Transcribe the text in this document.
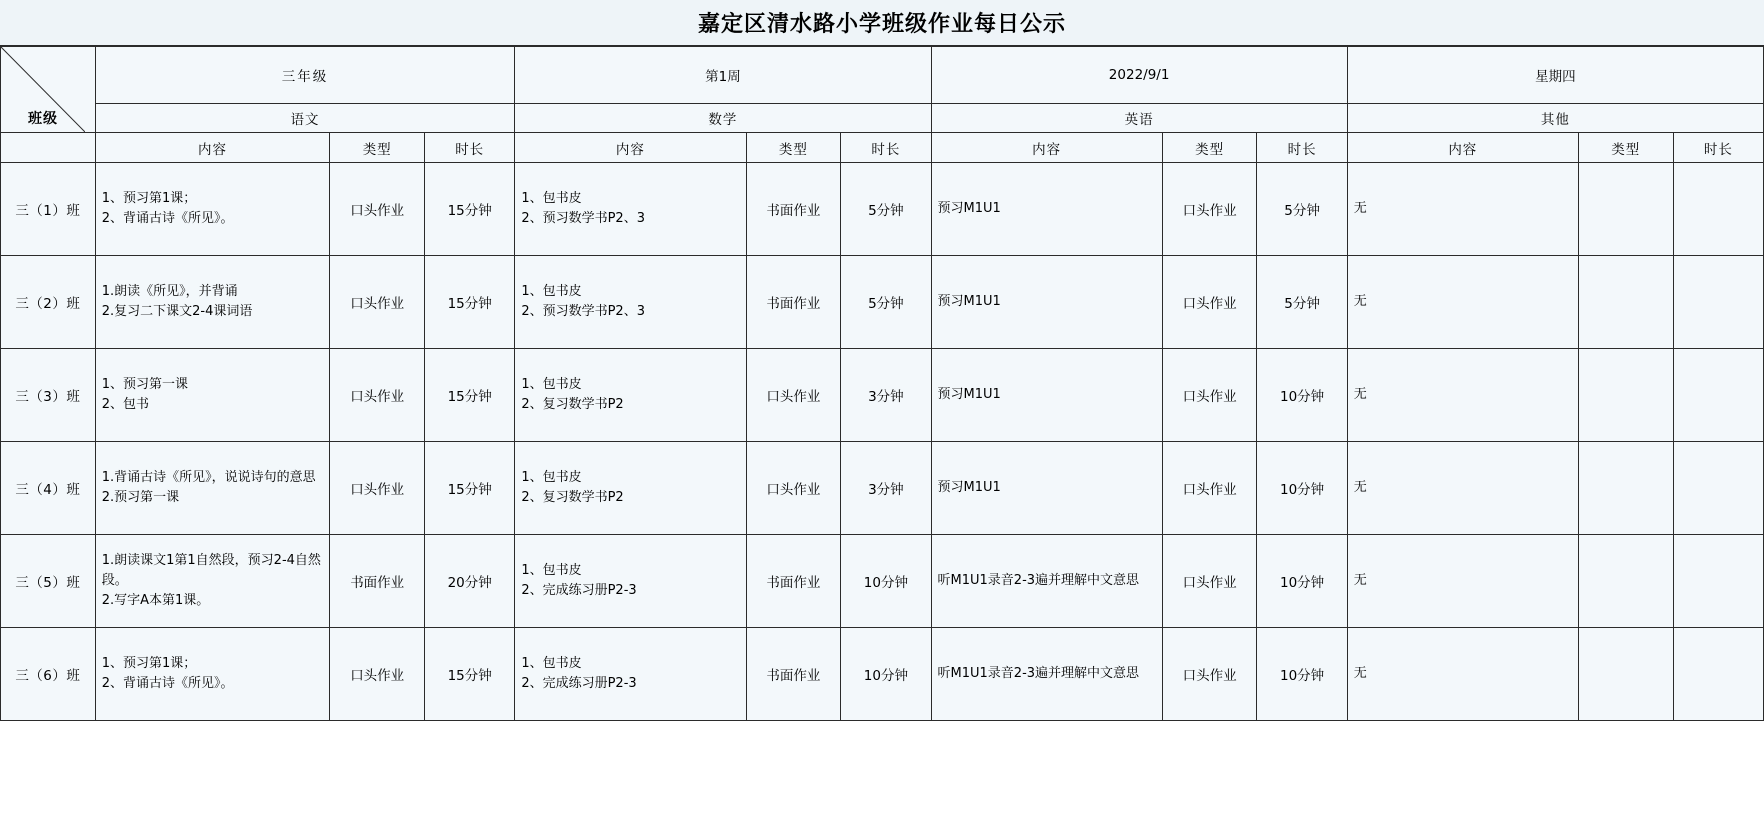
嘉定区清水路小学班级作业每日公示
班级	三年级			第1周			2022/9/1			星期四		
	语文			数学			英语			其他		
	内容	类型	时长	内容	类型	时长	内容	类型	时长	内容	类型	时长
三（1）班	1、预习第1课；
2、背诵古诗《所见》。	口头作业	15分钟	1、包书皮
2、预习数学书P2、3	书面作业	5分钟	预习M1U1	口头作业	5分钟	无		

三（2）班	1.朗读《所见》，并背诵
2.复习二下课文2-4课词语	口头作业	15分钟	1、包书皮
2、预习数学书P2、3	书面作业	5分钟	预习M1U1	口头作业	5分钟	无		

三（3）班	1、预习第一课
2、包书	口头作业	15分钟	1、包书皮
2、复习数学书P2	口头作业	3分钟	预习M1U1	口头作业	10分钟	无		

三（4）班	1.背诵古诗《所见》，说说诗句的意思
2.预习第一课	口头作业	15分钟	1、包书皮
2、复习数学书P2	口头作业	3分钟	预习M1U1	口头作业	10分钟	无		

三（5）班	1.朗读课文1第1自然段，预习2-4自然段。
2.写字A本第1课。	书面作业	20分钟	1、包书皮
2、完成练习册P2-3	书面作业	10分钟	听M1U1录音2-3遍并理解中文意思	口头作业	10分钟	无		

三（6）班	1、预习第1课；
2、背诵古诗《所见》。	口头作业	15分钟	1、包书皮
2、完成练习册P2-3	书面作业	10分钟	听M1U1录音2-3遍并理解中文意思	口头作业	10分钟	无		
